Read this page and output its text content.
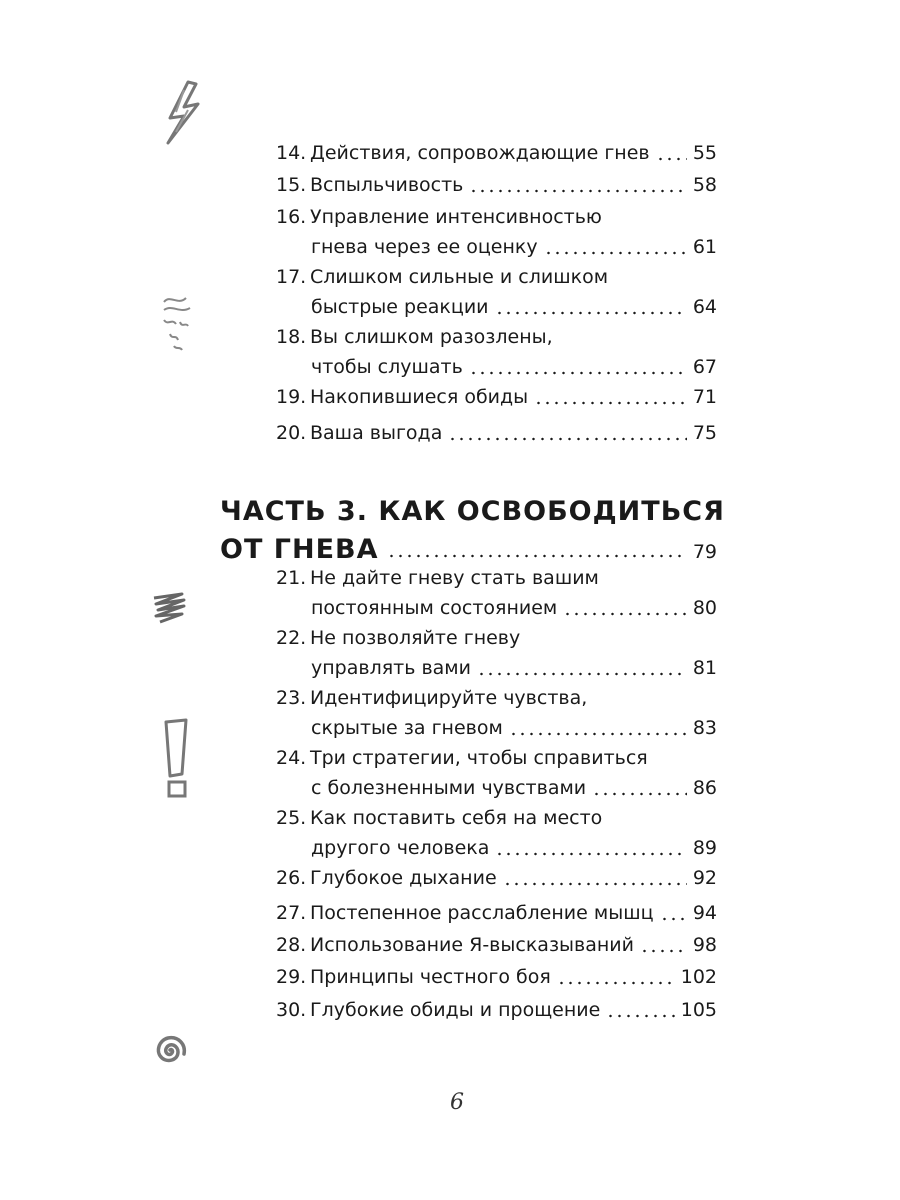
14. Действия, сопровождающие гнев 55
15. Вспыльчивость	58
16. Управление интенсивностью
гнева через ее оценку	61
17. Слишком сильные и слишком
быстрые реакции	64
18. Вы слишком разозлены,
чтобы слушать	67
19. Накопившиеся обиды	71
20. Ваша выгода	75
ЧАСТЬ 3. КАК ОСВОБОДИТЬСЯ
ОТ ГНЕВА	79
21. Не дайте гневу стать вашим
постоянным состоянием	80
22. Не позволяйте гневу
управлять вами	81
23. Идентифицируйте чувства,
скрытые за гневом	83
24. Три стратегии, чтобы справиться
с болезненными чувствами	86
25. Как поставить себя на место
другого человека	89
26. Глубокое дыхание	92
27. Постепенное расслабление мышц 94
28. Использование Я-высказываний	98
29. Принципы честного боя	102
30. Глубокие обиды и прощение	105
6
